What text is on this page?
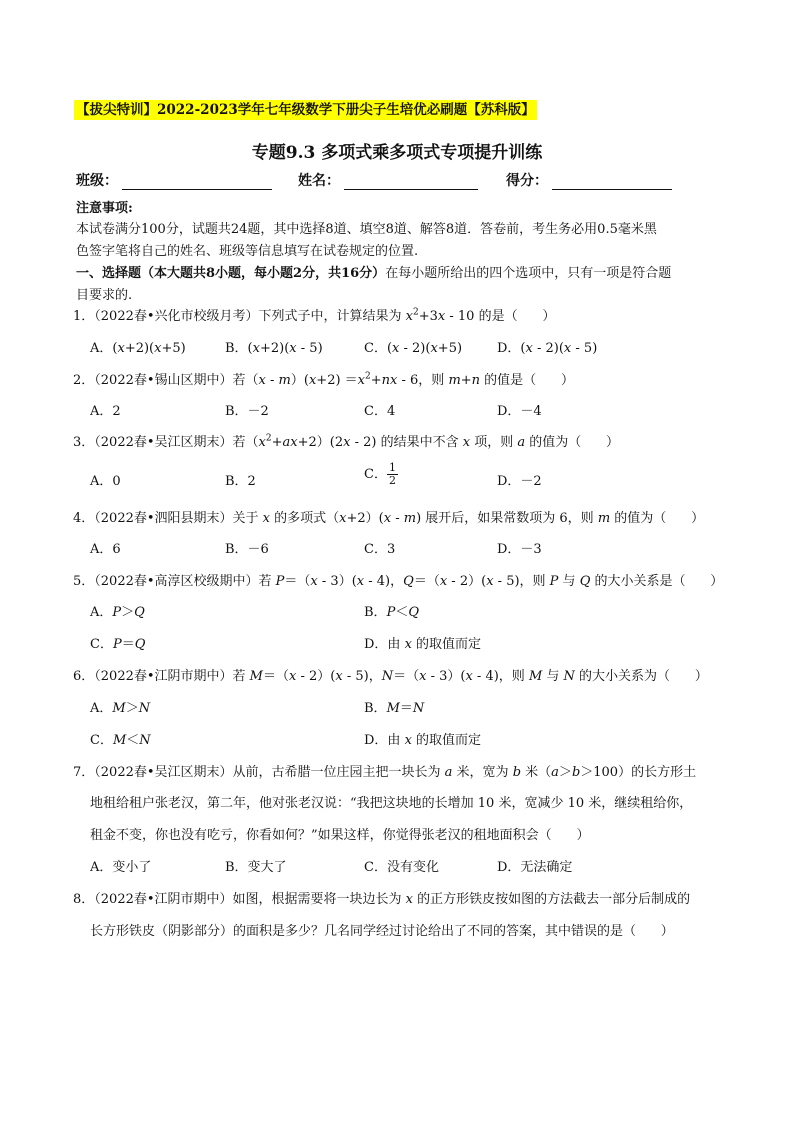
【拔尖特训】2022-2023学年七年级数学下册尖子生培优必刷题【苏科版】
专题9.3 多项式乘多项式专项提升训练
班级：	姓名：	得分：
注意事项:
本试卷满分100分，试题共24题，其中选择8道、填空8道、解答8道．答卷前，考生务必用0.5毫米黑
色签字笔将自己的姓名、班级等信息填写在试卷规定的位置.
一、选择题（本大题共8小题，每小题2分，共16分）在每小题所给出的四个选项中，只有一项是符合题
目要求的.
1．（2022春•兴化市校级月考）下列式子中，计算结果为 $x^2+3x - 10$ 的是（      ）
A．(x+2)(x+5)	B．(x+2)(x - 5)	C．(x - 2)(x+5)	D．(x - 2)(x - 5)
2．（2022春•锡山区期中）若$(x - m)(x+2) =x^2+nx - 6$，则 m+n 的值是（      ）
A．2	B．－2	C．4	D．－4
3．（2022春•吴江区期末）若$(x^2+ax+2)(2x - 2)$ 的结果中不含 x 项，则 a 的值为（      ）
A．0	B．2	C． $\frac{1}{2}$	D．－2
4．（2022春•泗阳县期末）关于 x 的多项式（x+2）(x - m) 展开后，如果常数项为 6，则 m 的值为（      ）
A．6	B．－6	C．3	D．－3
5．（2022春•高淳区校级期中）若 P＝（x - 3）(x - 4)，Q＝（x - 2）(x - 5)，则 P 与 Q 的大小关系是（      ）
A．P＞Q	B．P＜Q
C．P＝Q	D．由 x 的取值而定
6．（2022春•江阴市期中）若 M＝（x - 2）(x - 5)，N＝（x - 3）(x - 4)，则 M 与 N 的大小关系为（      ）
A．M＞N	B．M＝N
C．M＜N	D．由 x 的取值而定
7．（2022春•吴江区期末）从前，古希腊一位庄园主把一块长为 a 米，宽为 b 米（a＞b＞100）的长方形土
地租给租户张老汉，第二年，他对张老汉说：“我把这块地的长增加 10 米，宽减少 10 米，继续租给你，
租金不变，你也没有吃亏，你看如何？”如果这样，你觉得张老汉的租地面积会（      ）
A．变小了	B．变大了	C．没有变化	D．无法确定
8．（2022春•江阴市期中）如图，根据需要将一块边长为 x 的正方形铁皮按如图的方法截去一部分后制成的
长方形铁皮（阴影部分）的面积是多少？几名同学经过讨论给出了不同的答案，其中错误的是（      ）
